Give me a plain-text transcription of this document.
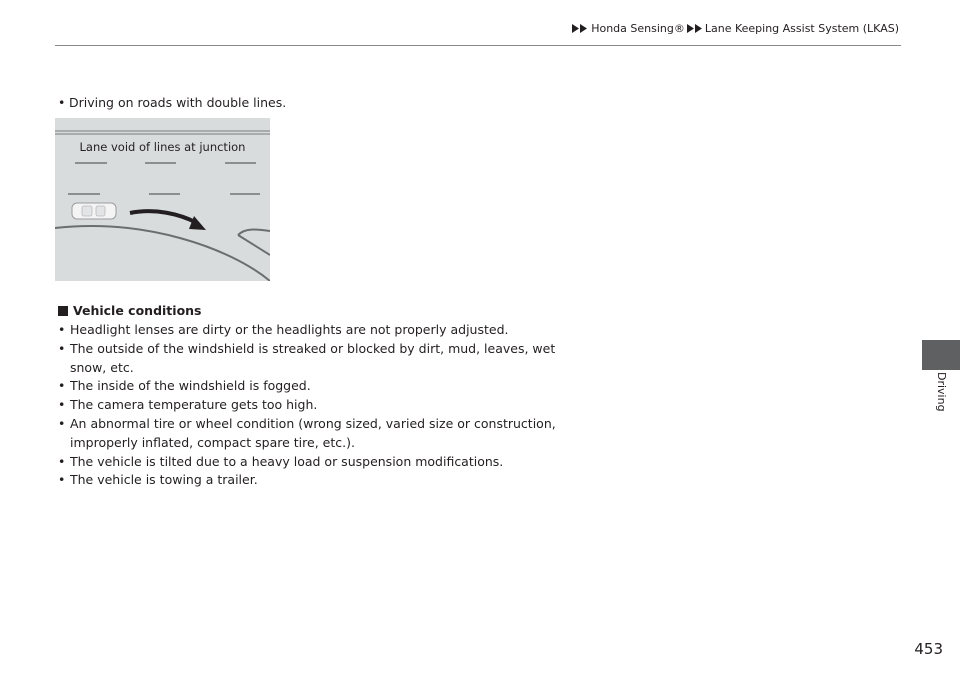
Honda Sensing® Lane Keeping Assist System (LKAS)
• Driving on roads with double lines.
Lane void of lines at junction
Vehicle conditions
• Headlight lenses are dirty or the headlights are not properly adjusted.
• The outside of the windshield is streaked or blocked by dirt, mud, leaves, wet snow, etc.
• The inside of the windshield is fogged.
• The camera temperature gets too high.
• An abnormal tire or wheel condition (wrong sized, varied size or construction, improperly inflated, compact spare tire, etc.).
• The vehicle is tilted due to a heavy load or suspension modifications.
• The vehicle is towing a trailer.
Driving
453
